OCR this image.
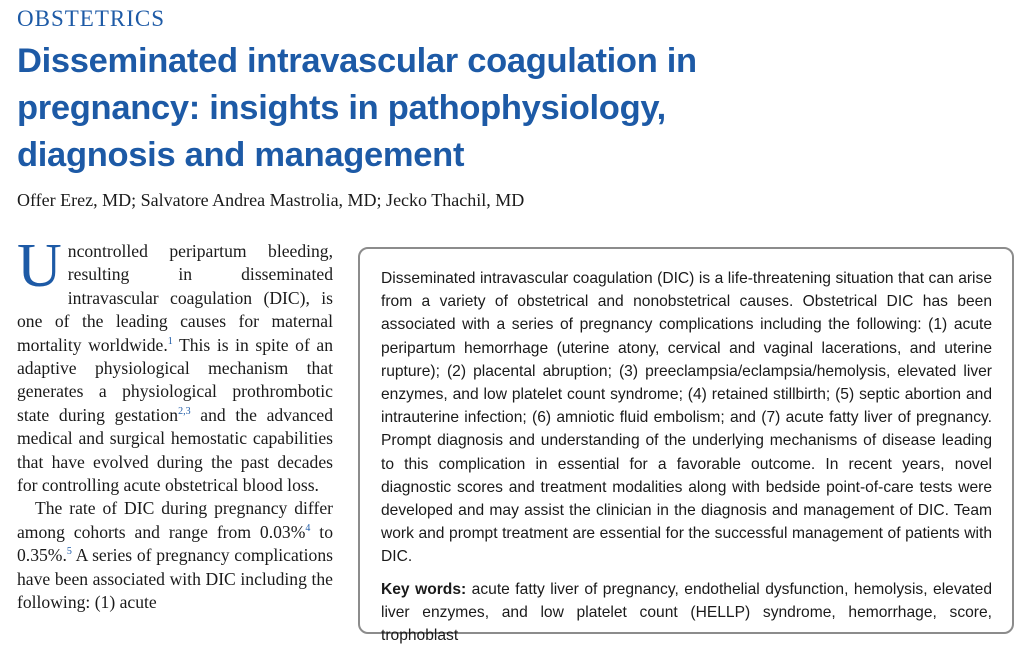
OBSTETRICS
Disseminated intravascular coagulation in pregnancy: insights in pathophysiology, diagnosis and management
Offer Erez, MD; Salvatore Andrea Mastrolia, MD; Jecko Thachil, MD

Uncontrolled peripartum bleeding, resulting in disseminated intravascular coagulation (DIC), is one of the leading causes for maternal mortality worldwide.$^1$ This is in spite of an adaptive physiological mechanism that generates a physiological prothrombotic state during gestation$^{2,3}$ and the advanced medical and surgical hemostatic capabilities that have evolved during the past decades for controlling acute obstetrical blood loss.

The rate of DIC during pregnancy differ among cohorts and range from 0.03%$^4$ to 0.35%.$^5$ A series of pregnancy complications have been associated with DIC including the following: (1) acute

Disseminated intravascular coagulation (DIC) is a life-threatening situation that can arise from a variety of obstetrical and nonobstetrical causes. Obstetrical DIC has been associated with a series of pregnancy complications including the following: (1) acute peripartum hemorrhage (uterine atony, cervical and vaginal lacerations, and uterine rupture); (2) placental abruption; (3) preeclampsia/eclampsia/hemolysis, elevated liver enzymes, and low platelet count syndrome; (4) retained stillbirth; (5) septic abortion and intrauterine infection; (6) amniotic fluid embolism; and (7) acute fatty liver of pregnancy. Prompt diagnosis and understanding of the underlying mechanisms of disease leading to this complication in essential for a favorable outcome. In recent years, novel diagnostic scores and treatment modalities along with bedside point-of-care tests were developed and may assist the clinician in the diagnosis and management of DIC. Team work and prompt treatment are essential for the successful management of patients with DIC.

Key words: acute fatty liver of pregnancy, endothelial dysfunction, hemolysis, elevated liver enzymes, and low platelet count (HELLP) syndrome, hemorrhage, score, trophoblast
